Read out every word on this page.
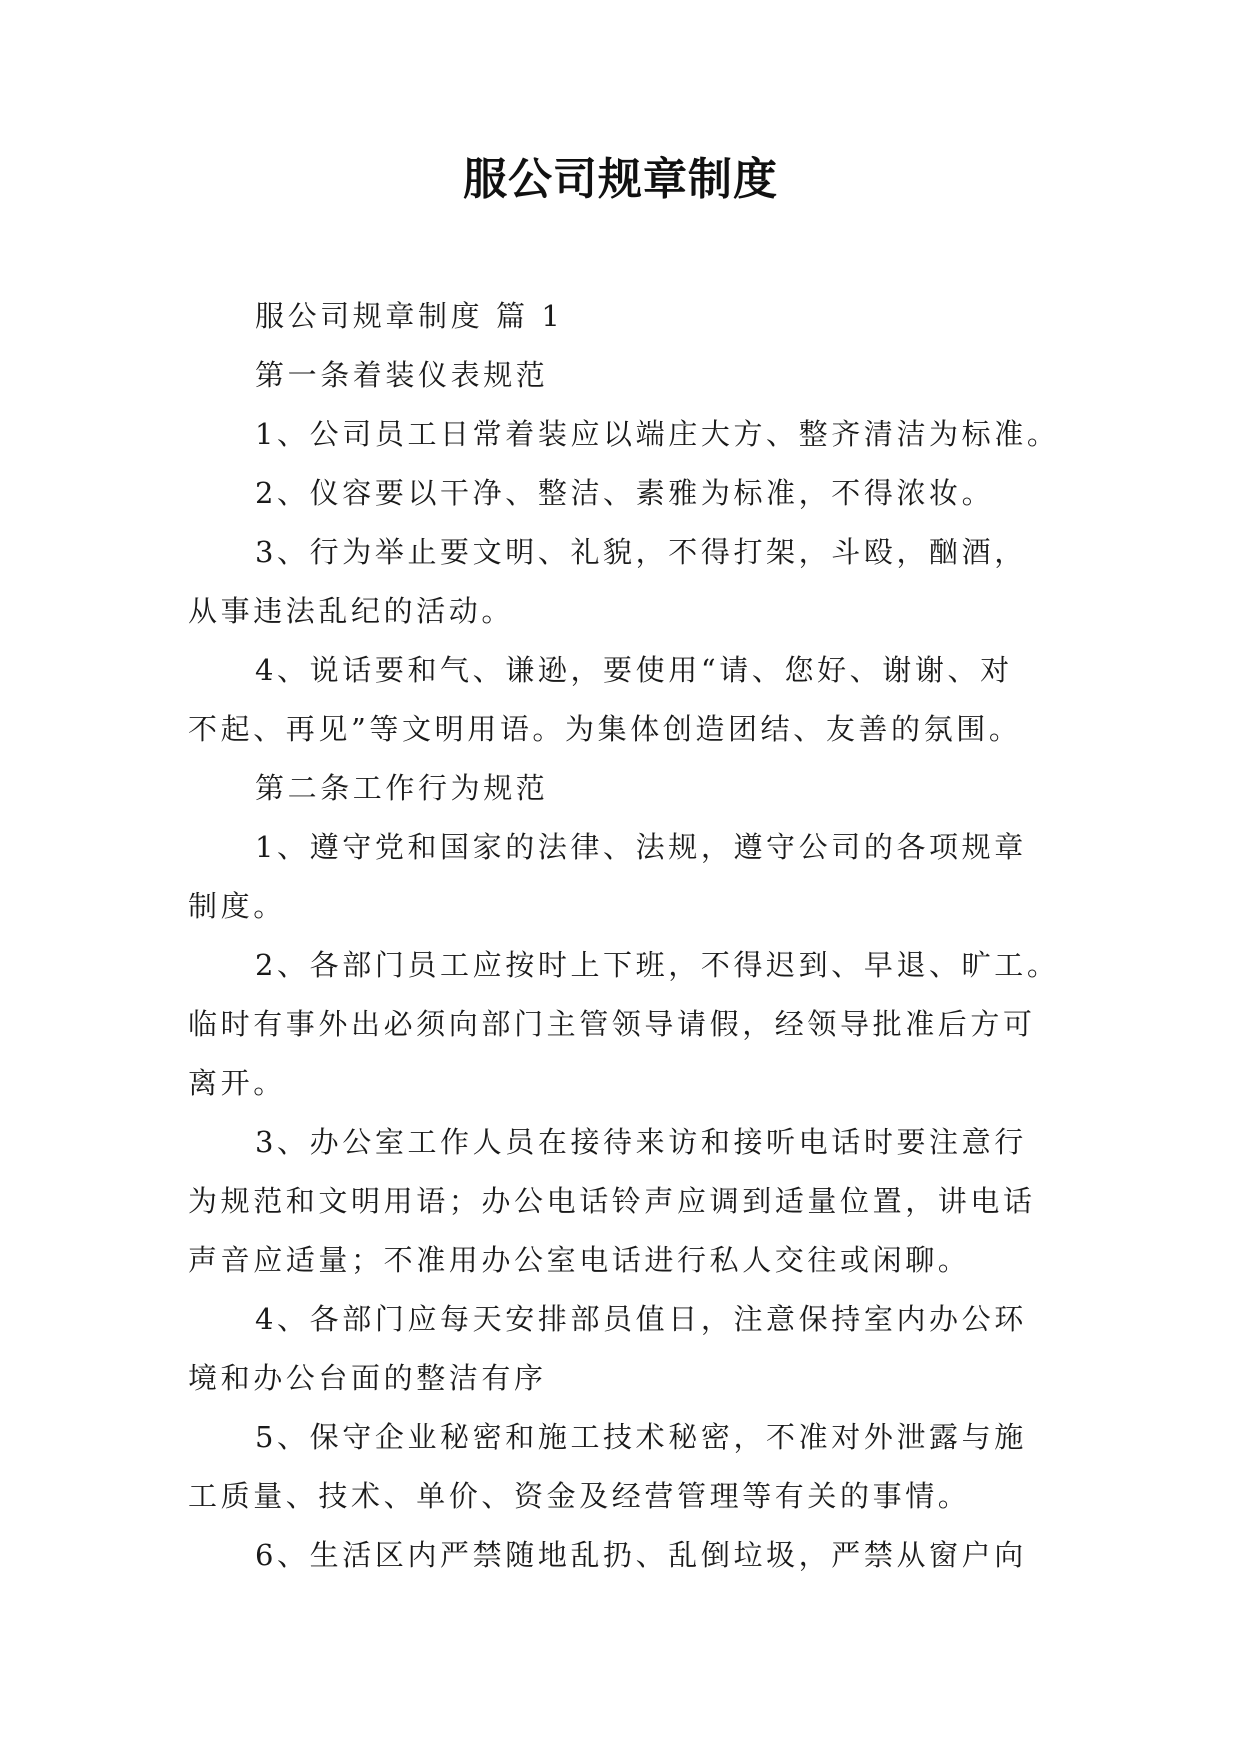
服公司规章制度

服公司规章制度 篇 1

第一条着装仪表规范

1、公司员工日常着装应以端庄大方、整齐清洁为标准。

2、仪容要以干净、整洁、素雅为标准，不得浓妆。

3、行为举止要文明、礼貌，不得打架，斗殴，酗酒，
从事违法乱纪的活动。

4、说话要和气、谦逊，要使用“请、您好、谢谢、对
不起、再见”等文明用语。为集体创造团结、友善的氛围。

第二条工作行为规范

1、遵守党和国家的法律、法规，遵守公司的各项规章
制度。

2、各部门员工应按时上下班，不得迟到、早退、旷工。
临时有事外出必须向部门主管领导请假，经领导批准后方可
离开。

3、办公室工作人员在接待来访和接听电话时要注意行
为规范和文明用语；办公电话铃声应调到适量位置，讲电话
声音应适量；不准用办公室电话进行私人交往或闲聊。

4、各部门应每天安排部员值日，注意保持室内办公环
境和办公台面的整洁有序

5、保守企业秘密和施工技术秘密，不准对外泄露与施
工质量、技术、单价、资金及经营管理等有关的事情。

6、生活区内严禁随地乱扔、乱倒垃圾，严禁从窗户向
